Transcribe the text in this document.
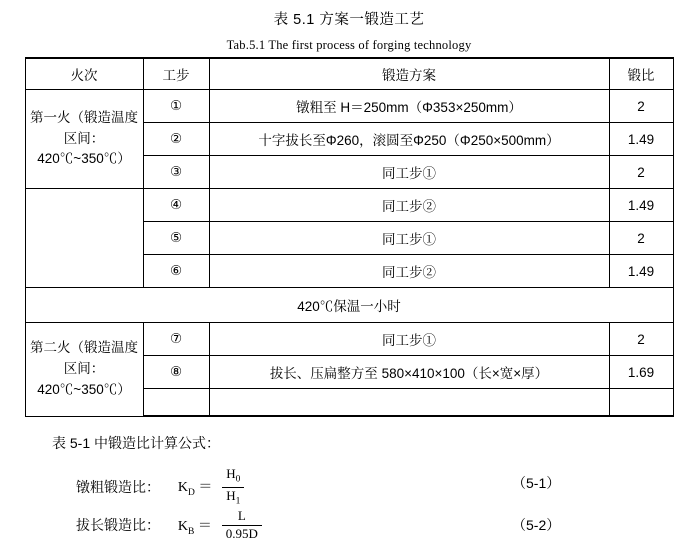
表 5.1 方案一锻造工艺
Tab.5.1 The first process of forging technology
火次	工步	锻造方案	锻比
第一火（锻造温度区间：420℃~350℃）	①	镦粗至 H＝250mm（Φ353×250mm）	2
	②	十字拔长至Φ260，滚圆至Φ250（Φ250×500mm）	1.49
	③	同工步①	2
	④	同工步②	1.49
	⑤	同工步①	2
	⑥	同工步②	1.49
420℃保温一小时			
第二火（锻造温度区间：420℃~350℃）	⑦	同工步①	2
	⑧	拔长、压扁整方至 580×410×100（长×宽×厚）	1.69

表 5-1 中锻造比计算公式：
镦粗锻造比： $K_D = \frac{H_0}{H_1}$	（5-1）
拔长锻造比： $K_B = \frac{L}{0.95D}$	（5-2）
